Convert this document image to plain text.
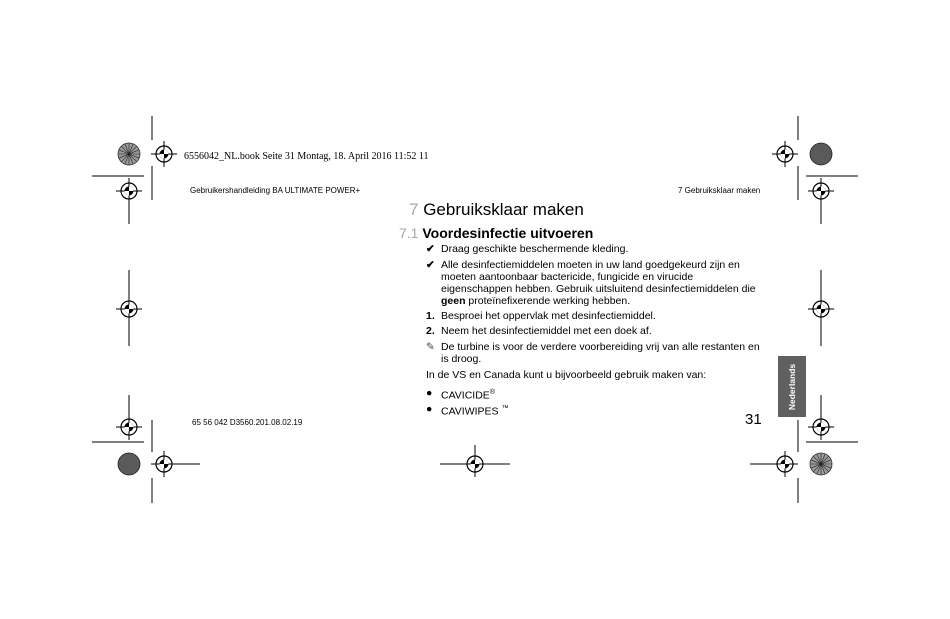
6556042_NL.book Seite 31 Montag, 18. April 2016 11:52 11
Gebruikershandleiding BA ULTIMATE POWER+	7 Gebruiksklaar maken
7 Gebruiksklaar maken
7.1 Voordesinfectie uitvoeren
✔ Draag geschikte beschermende kleding.
✔ Alle desinfectiemiddelen moeten in uw land goedgekeurd zijn en moeten aantoonbaar bactericide, fungicide en virucide eigenschappen hebben. Gebruik uitsluitend desinfectiemiddelen die geen proteïnefixerende werking hebben.
1. Besproei het oppervlak met desinfectiemiddel.
2. Neem het desinfectiemiddel met een doek af.
✎ De turbine is voor de verdere voorbereiding vrij van alle restanten en is droog.
In de VS en Canada kunt u bijvoorbeeld gebruik maken van:
● CAVICIDE®
● CAVIWIPES ™
65 56 042 D3560.201.08.02.19	31
Nederlands
